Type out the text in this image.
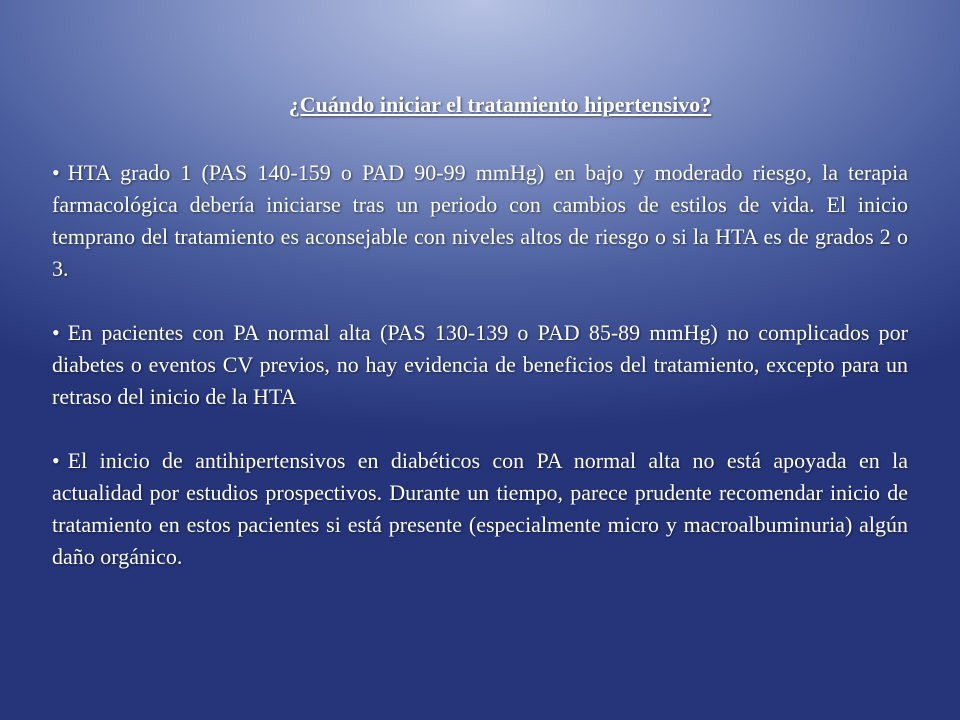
¿Cuándo iniciar el tratamiento hipertensivo?
• HTA grado 1 (PAS 140-159 o PAD 90-99 mmHg) en bajo y moderado riesgo, la terapia farmacológica debería iniciarse tras un periodo con cambios de estilos de vida. El inicio temprano del tratamiento es aconsejable con niveles altos de riesgo o si la HTA es de grados 2 o 3.
• En pacientes con PA normal alta (PAS 130-139 o PAD 85-89 mmHg) no complicados por diabetes o eventos CV previos, no hay evidencia de beneficios del tratamiento, excepto para un retraso del inicio de la HTA
• El inicio de antihipertensivos en diabéticos con PA normal alta no está apoyada en la actualidad por estudios prospectivos. Durante un tiempo, parece prudente recomendar inicio de tratamiento en estos pacientes si está presente (especialmente micro y macroalbuminuria) algún daño orgánico.
